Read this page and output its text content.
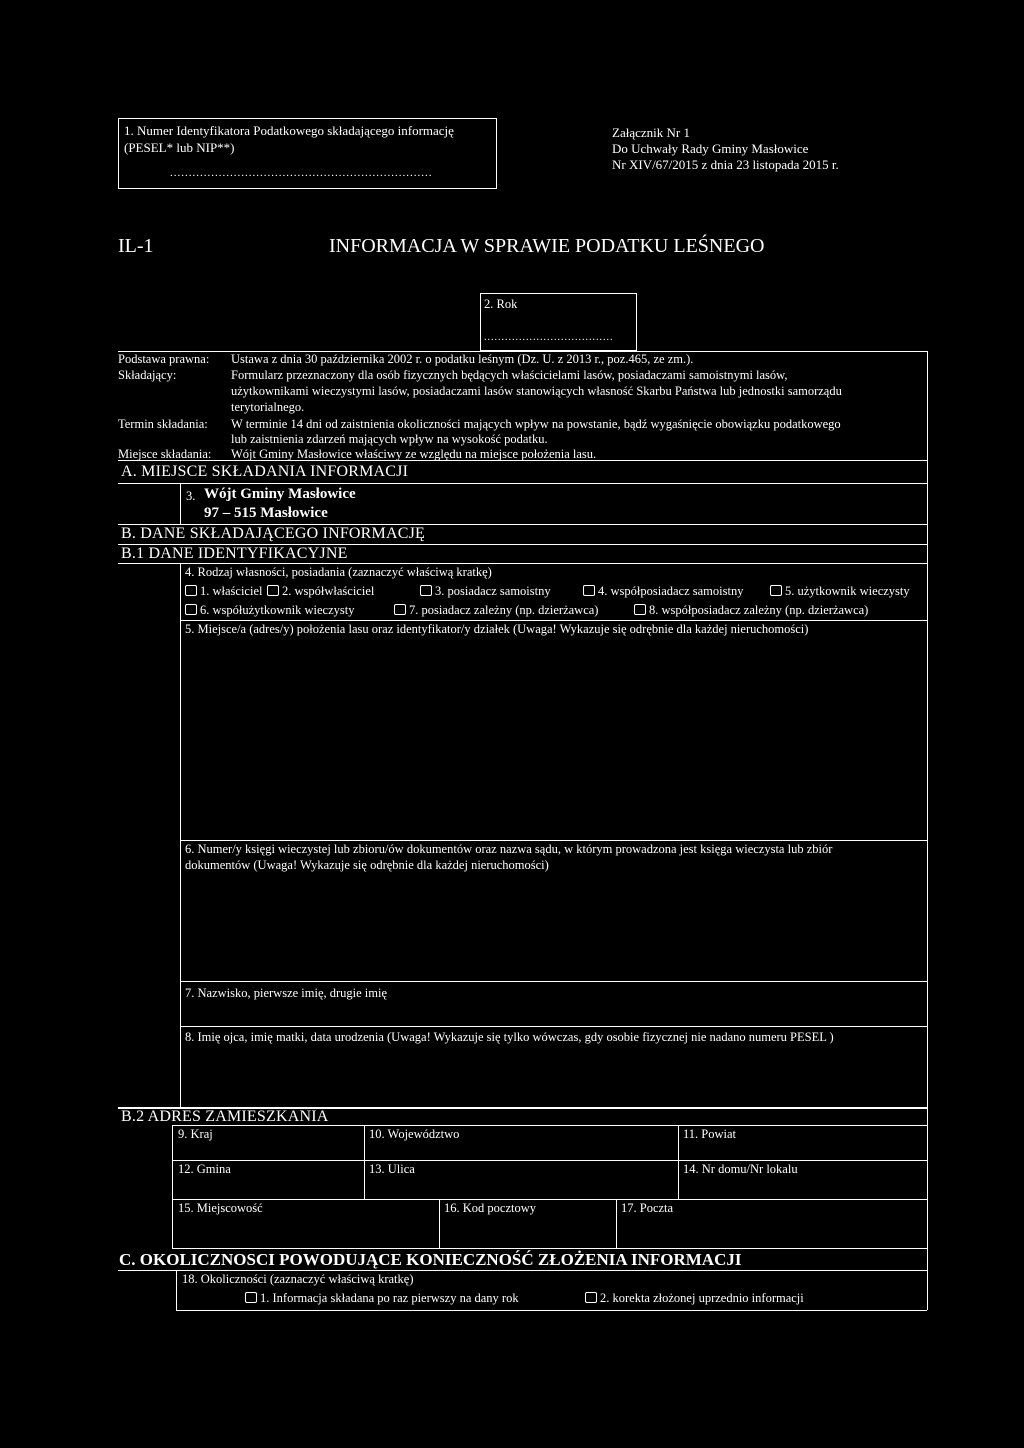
1. Numer Identyfikatora Podatkowego składającego informację
(PESEL* lub NIP**)
......................................................................
Załącznik Nr 1
Do Uchwały Rady Gminy Masłowice
Nr XIV/67/2015 z dnia 23 listopada 2015 r.
IL-1	INFORMACJA W SPRAWIE PODATKU LEŚNEGO
2. Rok
.....................................
Podstawa prawna: Ustawa z dnia 30 października 2002 r. o podatku leśnym (Dz. U. z 2013 r., poz.465, ze zm.).
Składający:	Formularz przeznaczony dla osób fizycznych będących właścicielami lasów, posiadaczami samoistnymi lasów,
użytkownikami wieczystymi lasów, posiadaczami lasów stanowiących własność Skarbu Państwa lub jednostki samorządu
terytorialnego.
Termin składania: W terminie 14 dni od zaistnienia okoliczności mających wpływ na powstanie, bądź wygaśnięcie obowiązku podatkowego
lub zaistnienia zdarzeń mających wpływ na wysokość podatku.
Miejsce składania: Wójt Gminy Masłowice właściwy ze względu na miejsce położenia lasu.
A. MIEJSCE SKŁADANIA INFORMACJI
3. Wójt Gminy Masłowice
97 – 515 Masłowice
B. DANE SKŁADAJĄCEGO INFORMACJĘ
B.1 DANE IDENTYFIKACYJNE
4. Rodzaj własności, posiadania (zaznaczyć właściwą kratkę)
1. właściciel	2. współwłaściciel	3. posiadacz samoistny	4. współposiadacz samoistny	5. użytkownik wieczysty
6. współużytkownik wieczysty	7. posiadacz zależny (np. dzierżawca)	8. współposiadacz zależny (np. dzierżawca)
5. Miejsce/a (adres/y) położenia lasu oraz identyfikator/y działek (Uwaga! Wykazuje się odrębnie dla każdej nieruchomości)
6. Numer/y księgi wieczystej lub zbioru/ów dokumentów oraz nazwa sądu, w którym prowadzona jest księga wieczysta lub zbiór
dokumentów (Uwaga! Wykazuje się odrębnie dla każdej nieruchomości)
7. Nazwisko, pierwsze imię, drugie imię
8. Imię ojca, imię matki, data urodzenia (Uwaga! Wykazuje się tylko wówczas, gdy osobie fizycznej nie nadano numeru PESEL )
B.2 ADRES ZAMIESZKANIA
9. Kraj	10. Województwo	11. Powiat
12. Gmina	13. Ulica	14. Nr domu/Nr lokalu
15. Miejscowość	16. Kod pocztowy	17. Poczta
C. OKOLICZNOSCI POWODUJĄCE KONIECZNOŚĆ ZŁOŻENIA INFORMACJI
18. Okoliczności (zaznaczyć właściwą kratkę)
1. Informacja składana po raz pierwszy na dany rok	2. korekta złożonej uprzednio informacji
